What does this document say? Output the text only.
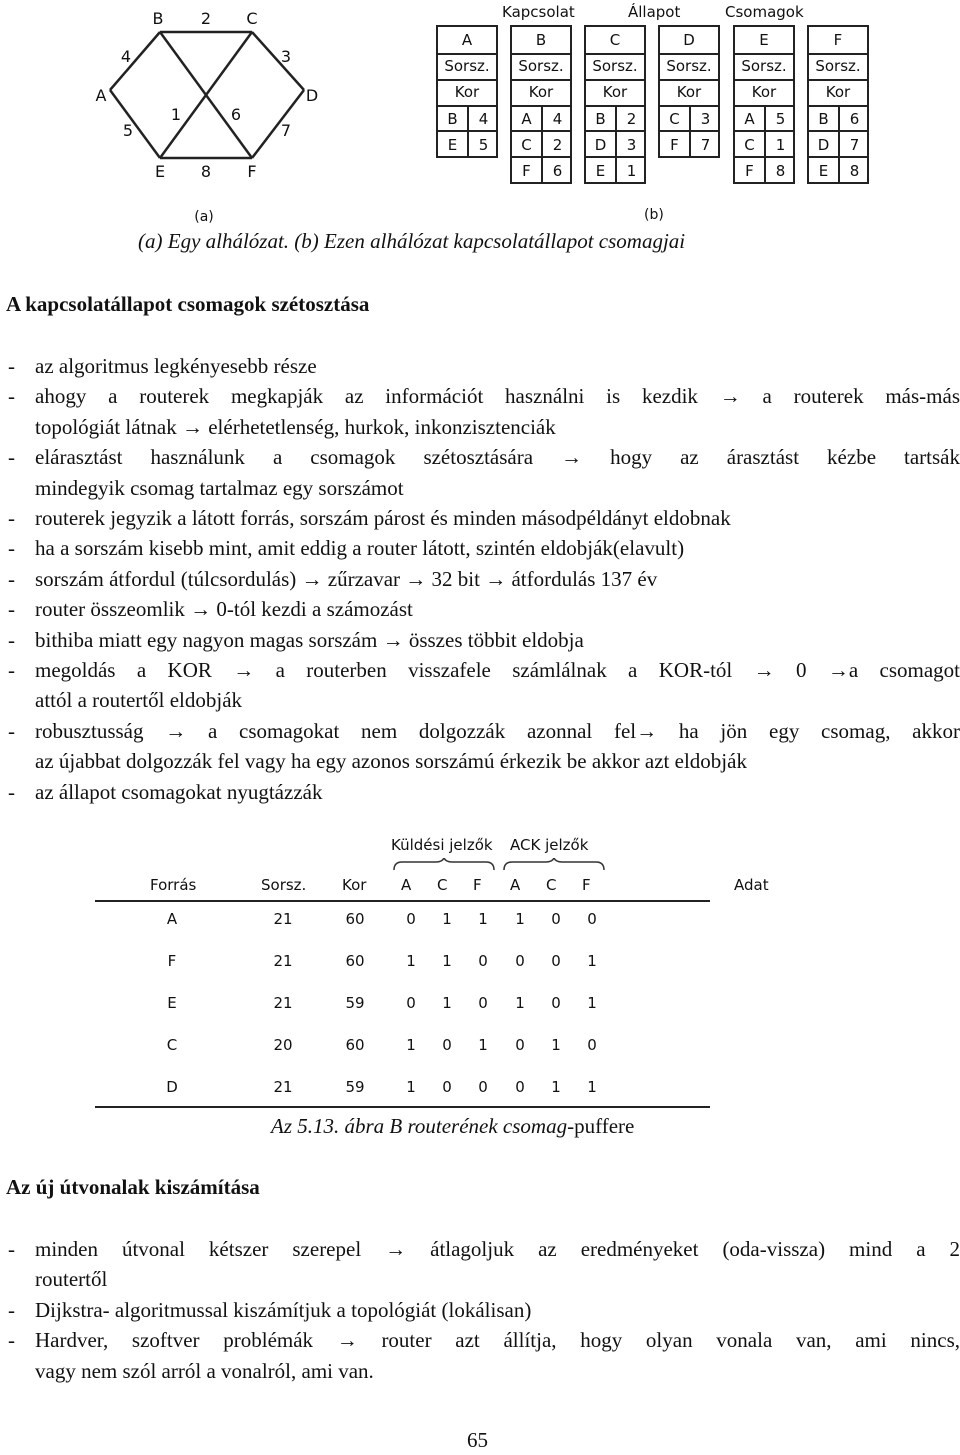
B	C
A	D
E	F
2
4	3
5
1	6
7
8
(a)
Kapcsolat	Állapot	Csomagok
A
Sorsz.
Kor
B	4
E	5
B
Sorsz.
Kor
A	4
C	2
F	6
C
Sorsz.
Kor
B	2
D	3
E	1
D
Sorsz.
Kor
C	3
F	7
E
Sorsz.
Kor
A	5
C	1
F	8
F
Sorsz.
Kor
B	6
D	7
E	8
(b)
(a) Egy alhálózat. (b) Ezen alhálózat kapcsolatállapot csomagjai
A kapcsolatállapot csomagok szétosztása
- az algoritmus legkényesebb része
- ahogy a routerek megkapják az információt használni is kezdik → a routerek más-más
topológiát látnak → elérhetetlenség, hurkok, inkonzisztenciák
- elárasztást használunk a csomagok szétosztására → hogy az árasztást kézbe tartsák
mindegyik csomag tartalmaz egy sorszámot
- routerek jegyzik a látott forrás, sorszám párost és minden másodpéldányt eldobnak
- ha a sorszám kisebb mint, amit eddig a router látott, szintén eldobják(elavult)
- sorszám átfordul (túlcsordulás) → zűrzavar → 32 bit → átfordulás 137 év
- router összeomlik → 0-tól kezdi a számozást
- bithiba miatt egy nagyon magas sorszám → összes többit eldobja
- megoldás a KOR → a routerben visszafele számlálnak a KOR-tól → 0 →a csomagot
attól a routertől eldobják
- robusztusság → a csomagokat nem dolgozzák azonnal fel→ ha jön egy csomag, akkor
az újabbat dolgozzák fel vagy ha egy azonos sorszámú érkezik be akkor azt eldobják
- az állapot csomagokat nyugtázzák
Küldési jelzők ACK jelzők
Forrás	Sorsz. Kor	Adat
A C F A C F
A	21	60	0	1	1	1	0	0
F	21	60	1	1	0	0	0	1
E	21	59	0	1	0	1	0	1
C	20	60	1	0	1	0	1	0
D	21	59	1	0	0	0	1	1
Az 5.13. ábra B routerének csomag-puffere
Az új útvonalak kiszámítása
- minden útvonal kétszer szerepel → átlagoljuk az eredményeket (oda-vissza) mind a 2
routertől
- Dijkstra- algoritmussal kiszámítjuk a topológiát (lokálisan)
- Hardver, szoftver problémák → router azt állítja, hogy olyan vonala van, ami nincs,
vagy nem szól arról a vonalról, ami van.
65
